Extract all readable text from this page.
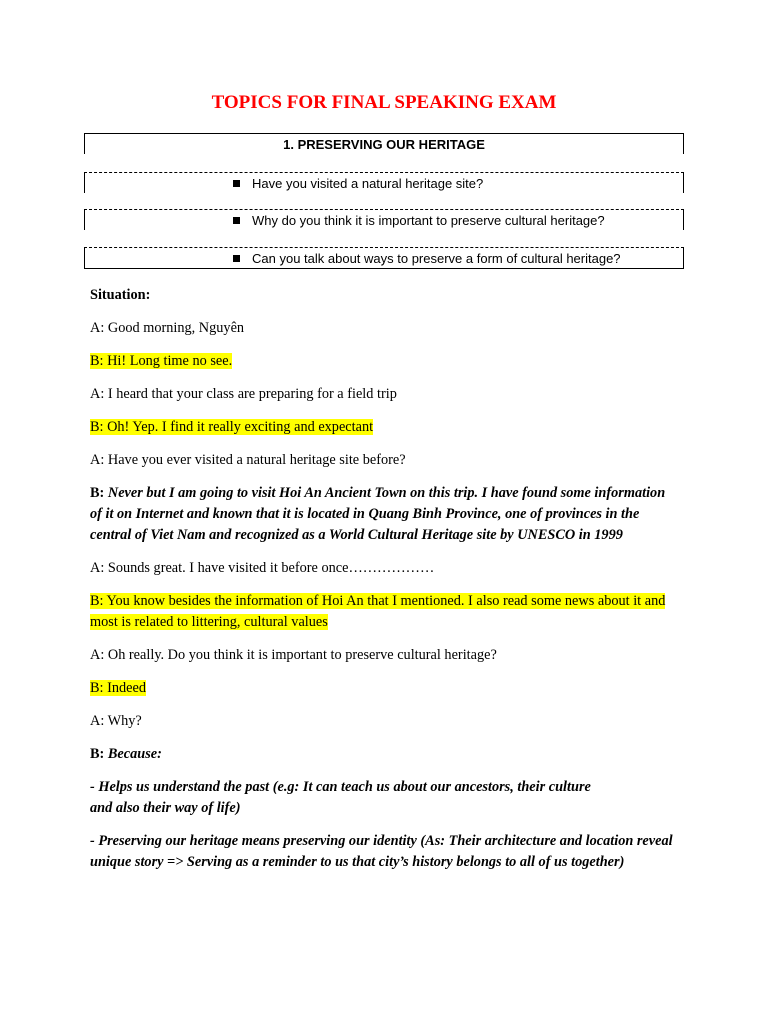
TOPICS FOR FINAL SPEAKING EXAM
1. PRESERVING OUR HERITAGE
Have you visited a natural heritage site?
Why do you think it is important to preserve cultural heritage?
Can you talk about ways to preserve a form of cultural heritage?

Situation:

A: Good morning, Nguyên

B: Hi! Long time no see.

A: I heard that your class are preparing for a field trip

B: Oh! Yep. I find it really exciting and expectant

A: Have you ever visited a natural heritage site before?

B: Never but I am going to visit Hoi An Ancient Town on this trip. I have found some information of it on Internet and known that it is located in Quang Binh Province, one of provinces in the central of Viet Nam and recognized as a World Cultural Heritage site by UNESCO in 1999

A: Sounds great. I have visited it before once………………

B: You know besides the information of Hoi An that I mentioned. I also read some news about it and most is related to littering, cultural values

A: Oh really. Do you think it is important to preserve cultural heritage?

B: Indeed

A: Why?

B: Because:

- Helps us understand the past (e.g: It can teach us about our ancestors, their culture
and also their way of life)

- Preserving our heritage means preserving our identity (As: Their architecture and location reveal unique story => Serving as a reminder to us that city’s history belongs to all of us together)
